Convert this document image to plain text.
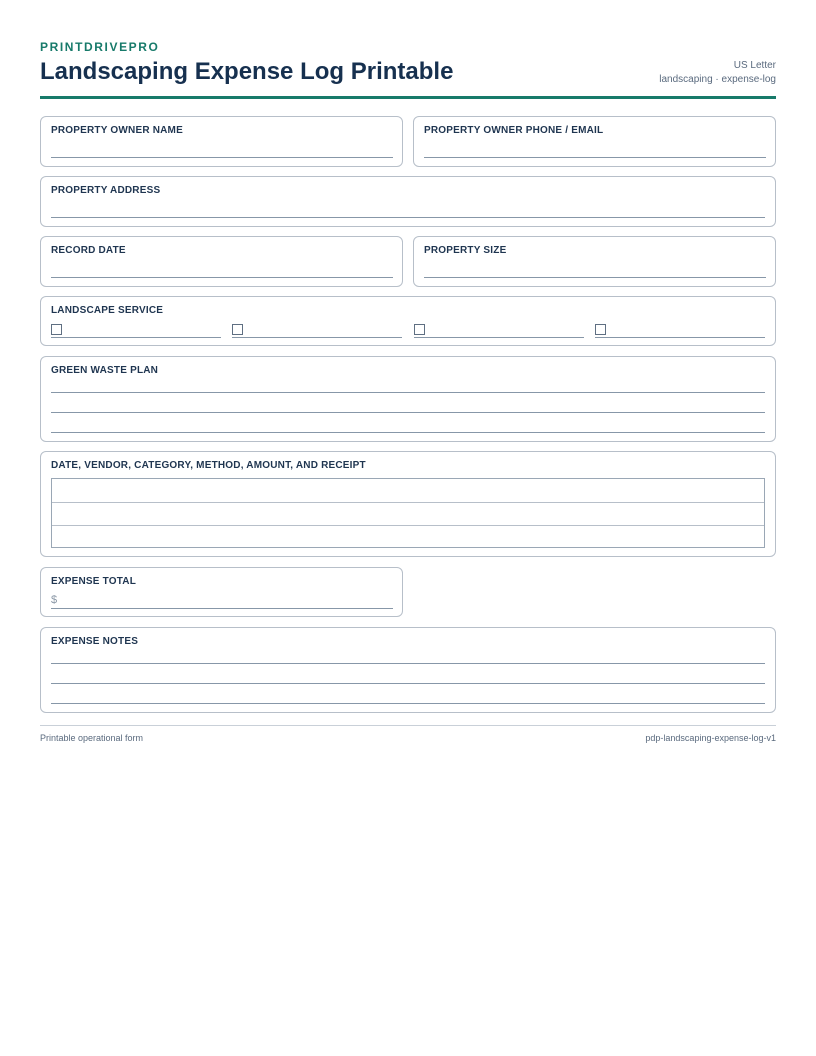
PRINTDRIVEPRO
Landscaping Expense Log Printable	US Letter
landscaping · expense-log
PROPERTY OWNER NAME	PROPERTY OWNER PHONE / EMAIL
PROPERTY ADDRESS
RECORD DATE	PROPERTY SIZE
LANDSCAPE SERVICE
GREEN WASTE PLAN
DATE, VENDOR, CATEGORY, METHOD, AMOUNT, AND RECEIPT
EXPENSE TOTAL
$
EXPENSE NOTES
Printable operational form	pdp-landscaping-expense-log-v1
